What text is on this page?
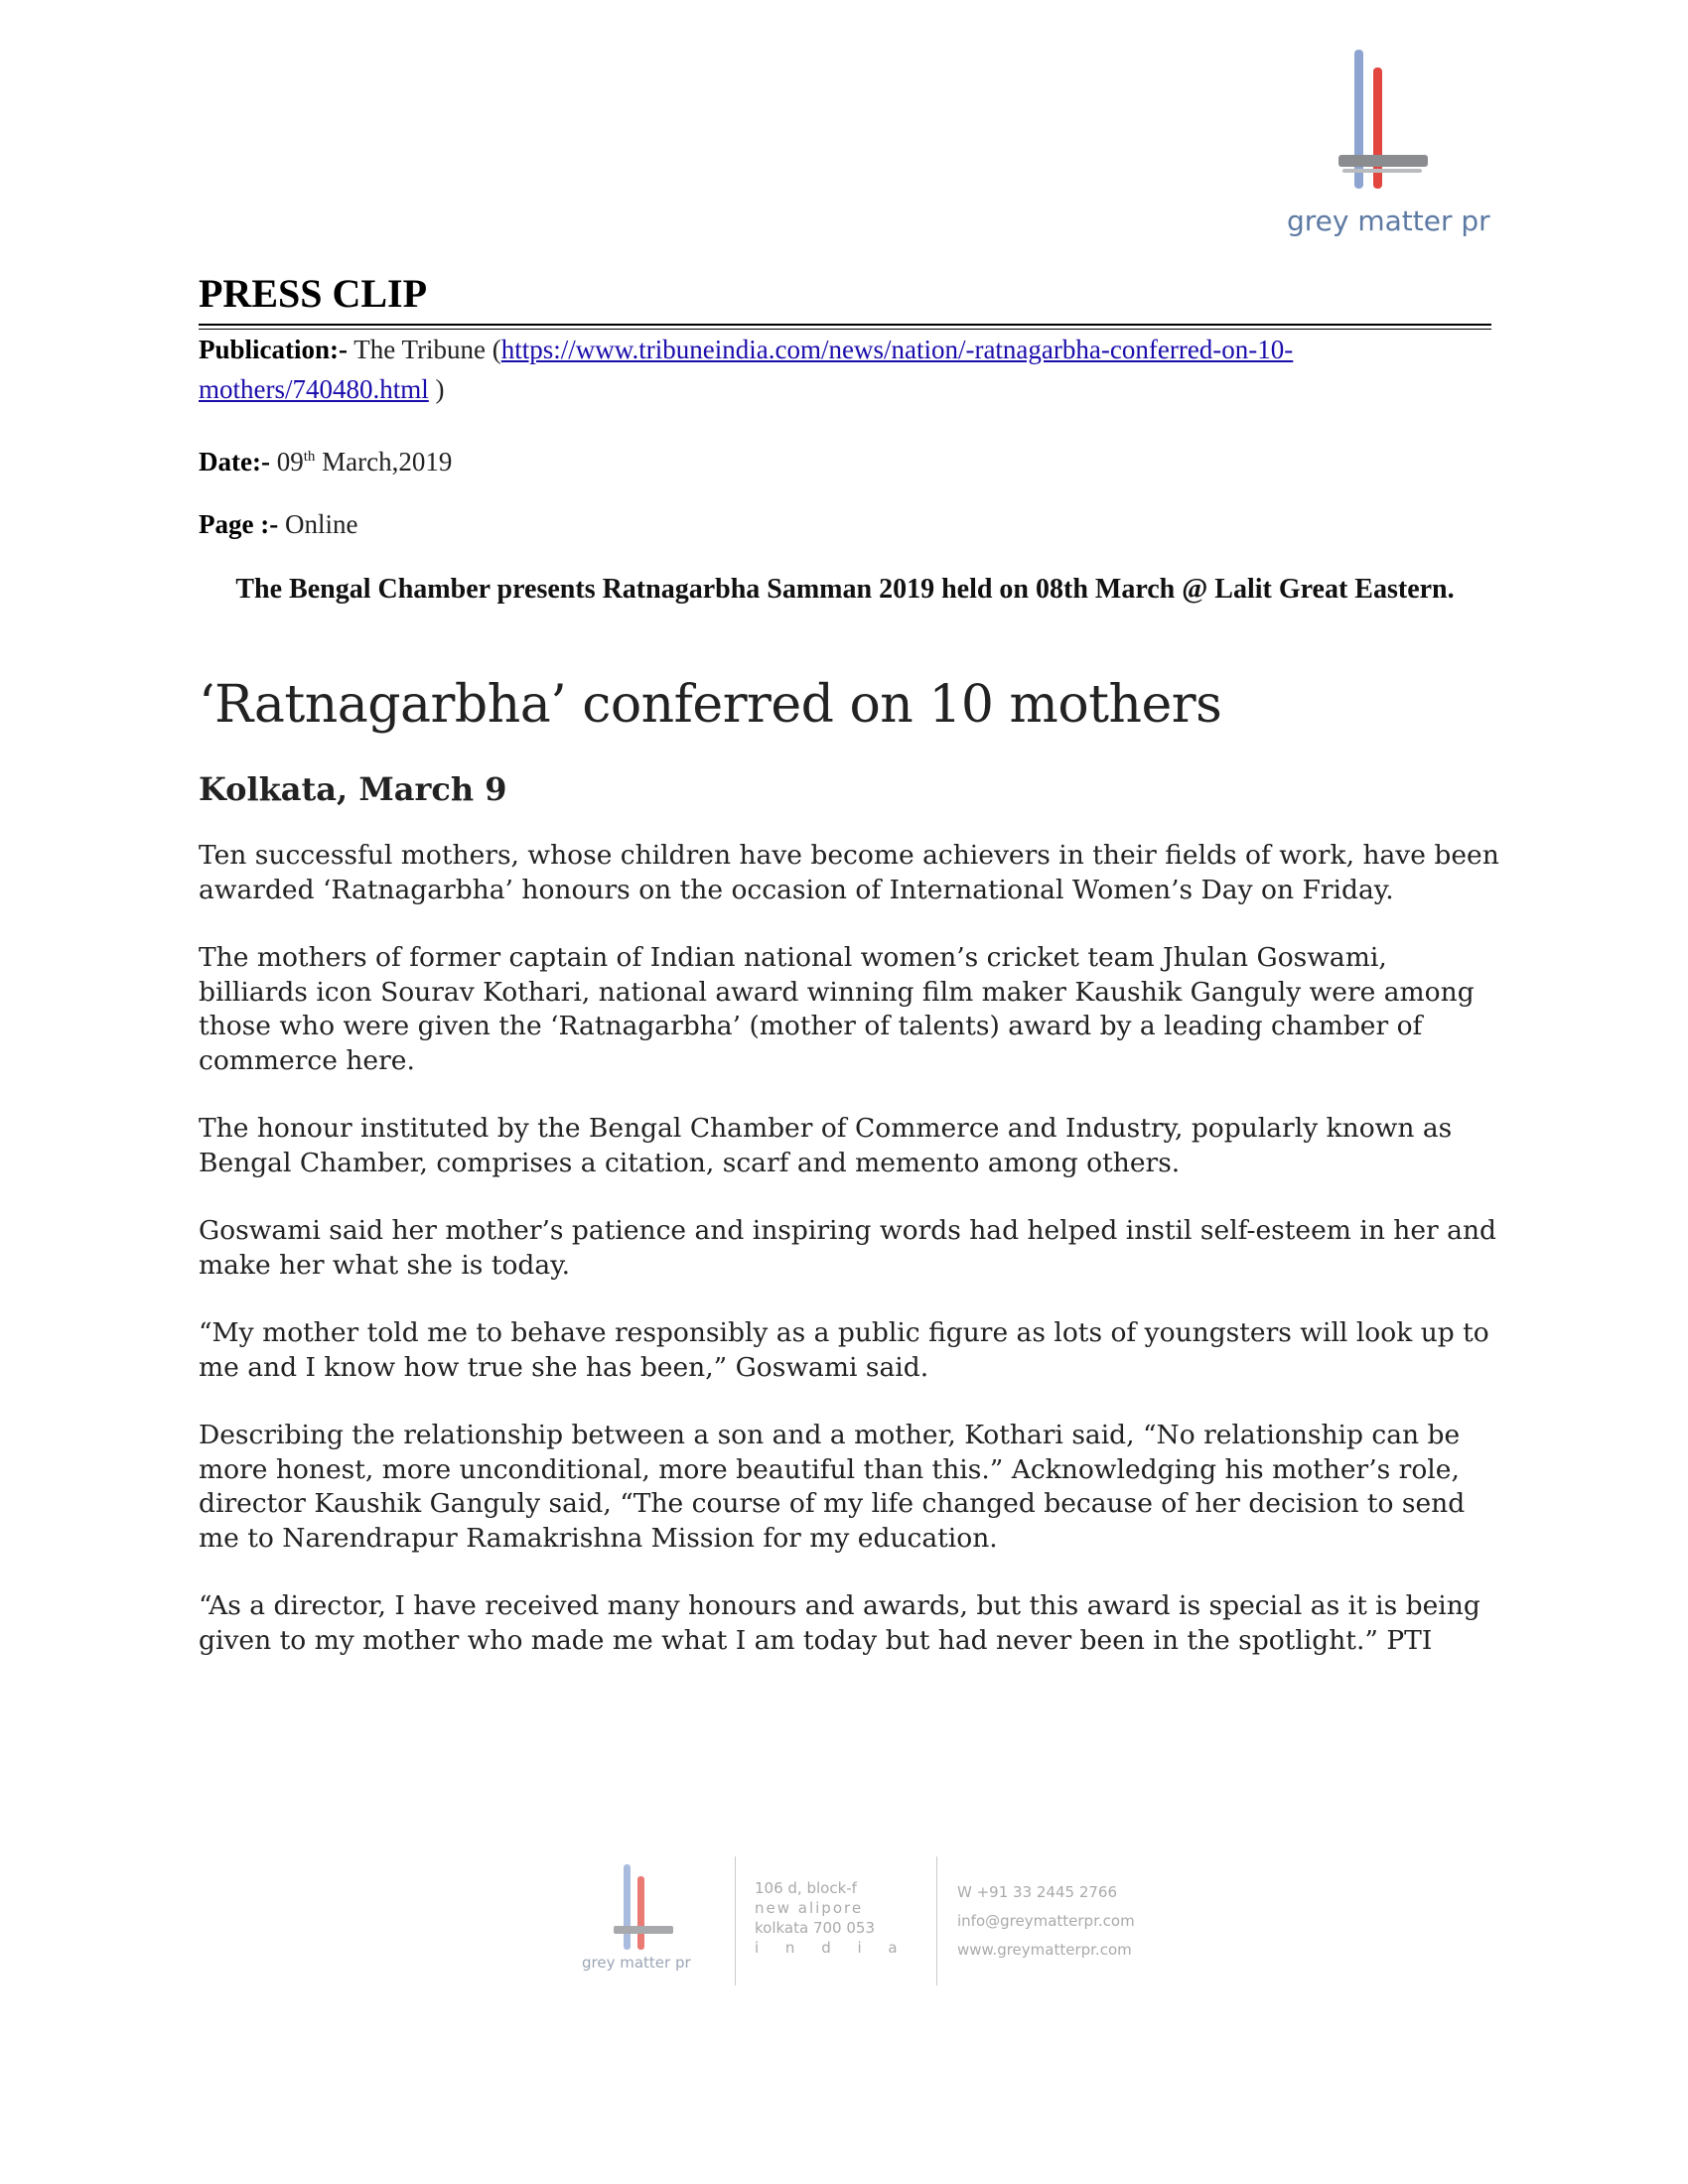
grey matter pr
PRESS CLIP

Publication:- The Tribune (https://www.tribuneindia.com/news/nation/-ratnagarbha-conferred-on-10-mothers/740480.html )

Date:- 09th March,2019

Page :- Online

The Bengal Chamber presents Ratnagarbha Samman 2019 held on 08th March @ Lalit Great Eastern.

‘Ratnagarbha’ conferred on 10 mothers
Kolkata, March 9

Ten successful mothers, whose children have become achievers in their fields of work, have been awarded ‘Ratnagarbha’ honours on the occasion of International Women’s Day on Friday.

The mothers of former captain of Indian national women’s cricket team Jhulan Goswami, billiards icon Sourav Kothari, national award winning film maker Kaushik Ganguly were among those who were given the ‘Ratnagarbha’ (mother of talents) award by a leading chamber of commerce here.

The honour instituted by the Bengal Chamber of Commerce and Industry, popularly known as Bengal Chamber, comprises a citation, scarf and memento among others.

Goswami said her mother’s patience and inspiring words had helped instil self-esteem in her and make her what she is today.

“My mother told me to behave responsibly as a public figure as lots of youngsters will look up to me and I know how true she has been,” Goswami said.

Describing the relationship between a son and a mother, Kothari said, “No relationship can be more honest, more unconditional, more beautiful than this.” Acknowledging his mother’s role, director Kaushik Ganguly said, “The course of my life changed because of her decision to send me to Narendrapur Ramakrishna Mission for my education.

“As a director, I have received many honours and awards, but this award is special as it is being given to my mother who made me what I am today but had never been in the spotlight.” PTI

grey matter pr
106 d, block-f
new alipore
kolkata 700 053
i n d i a
W +91 33 2445 2766
info@greymatterpr.com
www.greymatterpr.com
